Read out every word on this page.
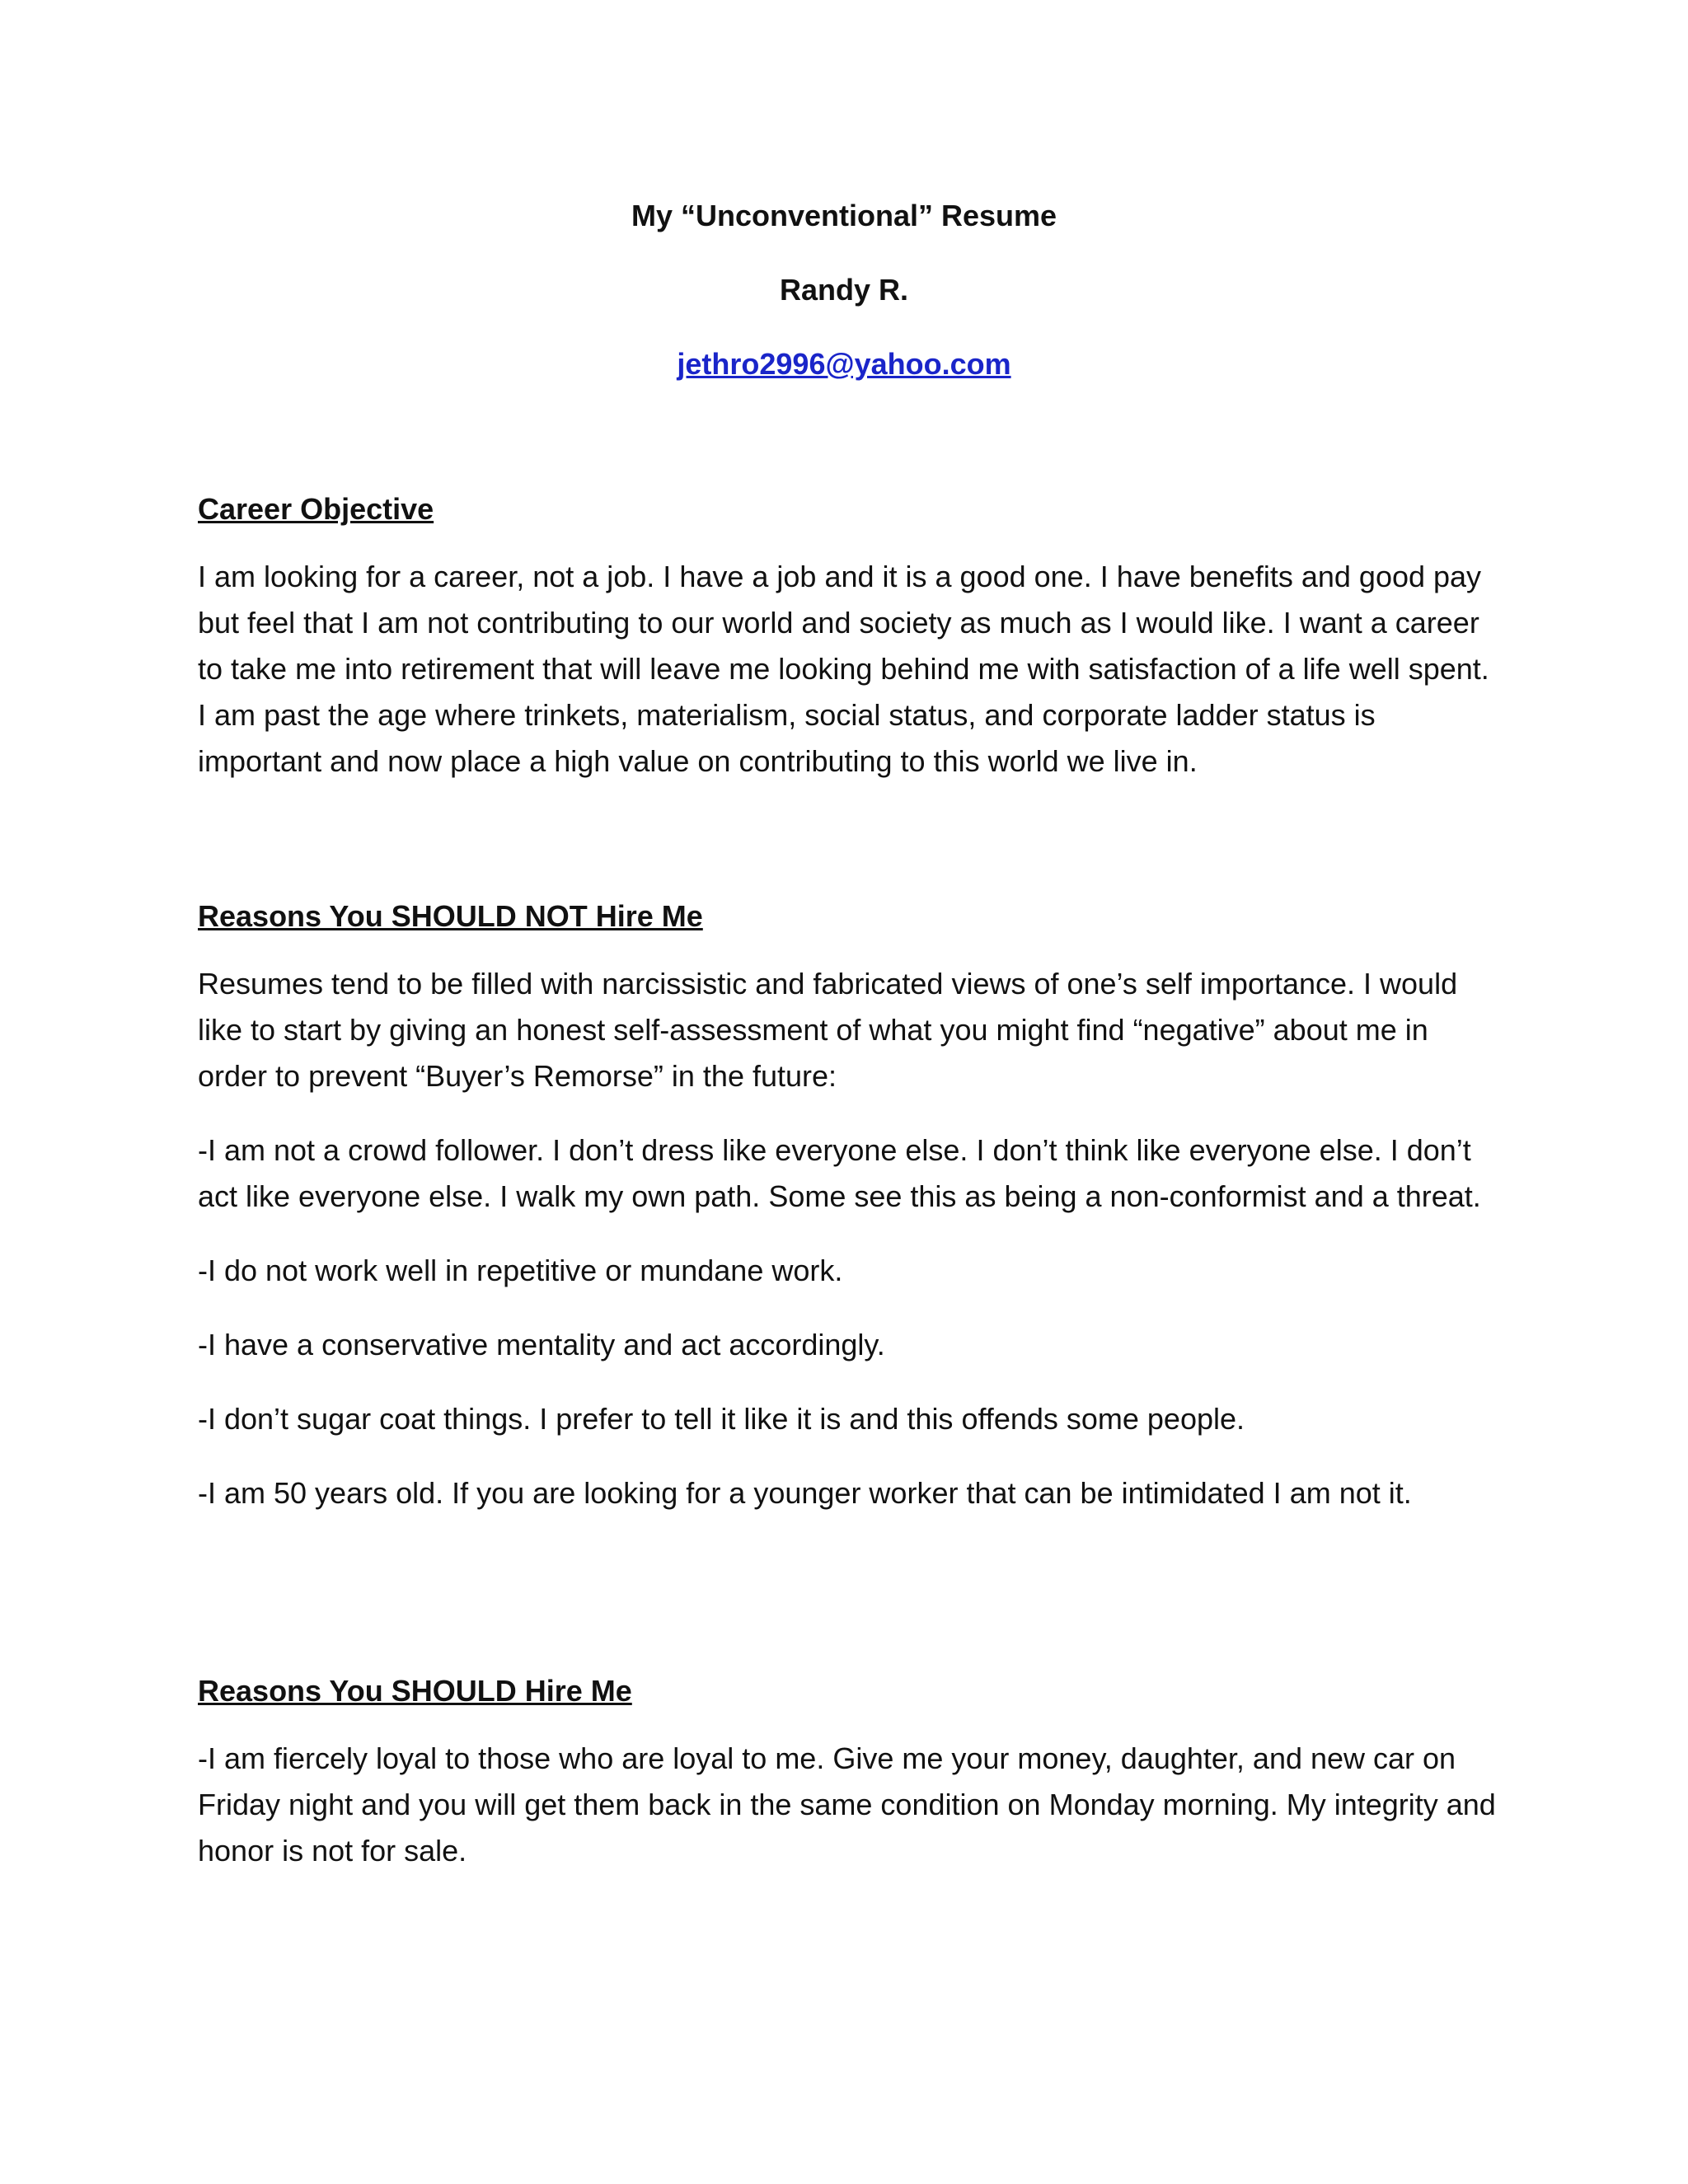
My “Unconventional” Resume
Randy R.
jethro2996@yahoo.com
Career Objective
I am looking for a career, not a job. I have a job and it is a good one. I have benefits and good pay but feel that I am not contributing to our world and society as much as I would like. I want a career to take me into retirement that will leave me looking behind me with satisfaction of a life well spent. I am past the age where trinkets, materialism, social status, and corporate ladder status is important and now place a high value on contributing to this world we live in.
Reasons You SHOULD NOT Hire Me
Resumes tend to be filled with narcissistic and fabricated views of one’s self importance. I would like to start by giving an honest self-assessment of what you might find “negative” about me in order to prevent “Buyer’s Remorse” in the future:
-I am not a crowd follower. I don’t dress like everyone else. I don’t think like everyone else. I don’t act like everyone else. I walk my own path. Some see this as being a non-conformist and a threat.
-I do not work well in repetitive or mundane work.
-I have a conservative mentality and act accordingly.
-I don’t sugar coat things. I prefer to tell it like it is and this offends some people.
-I am 50 years old. If you are looking for a younger worker that can be intimidated I am not it.
Reasons You SHOULD Hire Me
-I am fiercely loyal to those who are loyal to me. Give me your money, daughter, and new car on Friday night and you will get them back in the same condition on Monday morning. My integrity and honor is not for sale.
